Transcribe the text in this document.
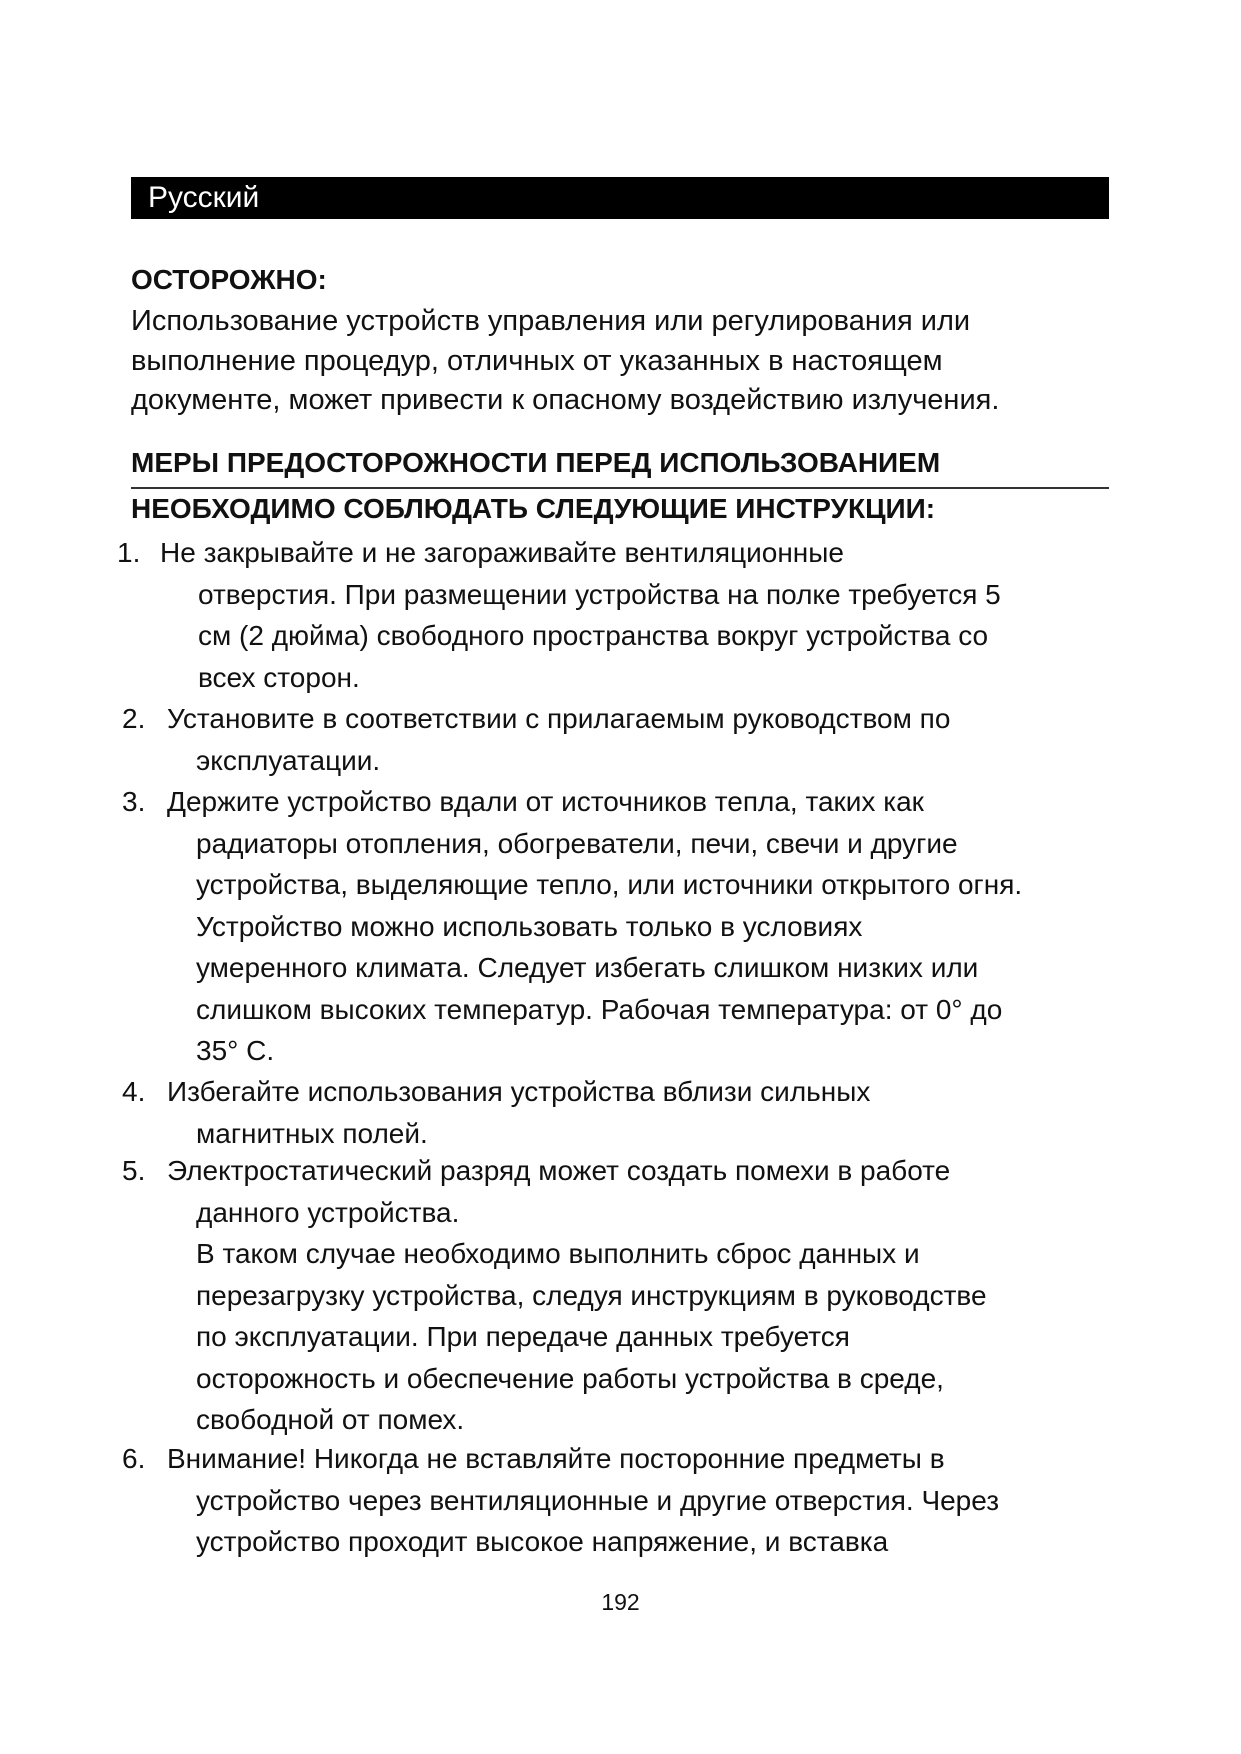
Русский
ОСТОРОЖНО:
Использование устройств управления или регулирования или
выполнение процедур, отличных от указанных в настоящем
документе, может привести к опасному воздействию излучения.
МЕРЫ ПРЕДОСТОРОЖНОСТИ ПЕРЕД ИСПОЛЬЗОВАНИЕМ
НЕОБХОДИМО СОБЛЮДАТЬ СЛЕДУЮЩИЕ ИНСТРУКЦИИ:
1. Не закрывайте и не загораживайте вентиляционные
отверстия. При размещении устройства на полке требуется 5
см (2 дюйма) свободного пространства вокруг устройства со
всех сторон.
2. Установите в соответствии с прилагаемым руководством по
эксплуатации.
3. Держите устройство вдали от источников тепла, таких как
радиаторы отопления, обогреватели, печи, свечи и другие
устройства, выделяющие тепло, или источники открытого огня.
Устройство можно использовать только в условиях
умеренного климата. Следует избегать слишком низких или
слишком высоких температур. Рабочая температура: от 0° до
35° C.
4. Избегайте использования устройства вблизи сильных
магнитных полей.
5. Электростатический разряд может создать помехи в работе
данного устройства.
В таком случае необходимо выполнить сброс данных и
перезагрузку устройства, следуя инструкциям в руководстве
по эксплуатации. При передаче данных требуется
осторожность и обеспечение работы устройства в среде,
свободной от помех.
6. Внимание! Никогда не вставляйте посторонние предметы в
устройство через вентиляционные и другие отверстия. Через
устройство проходит высокое напряжение, и вставка
192
